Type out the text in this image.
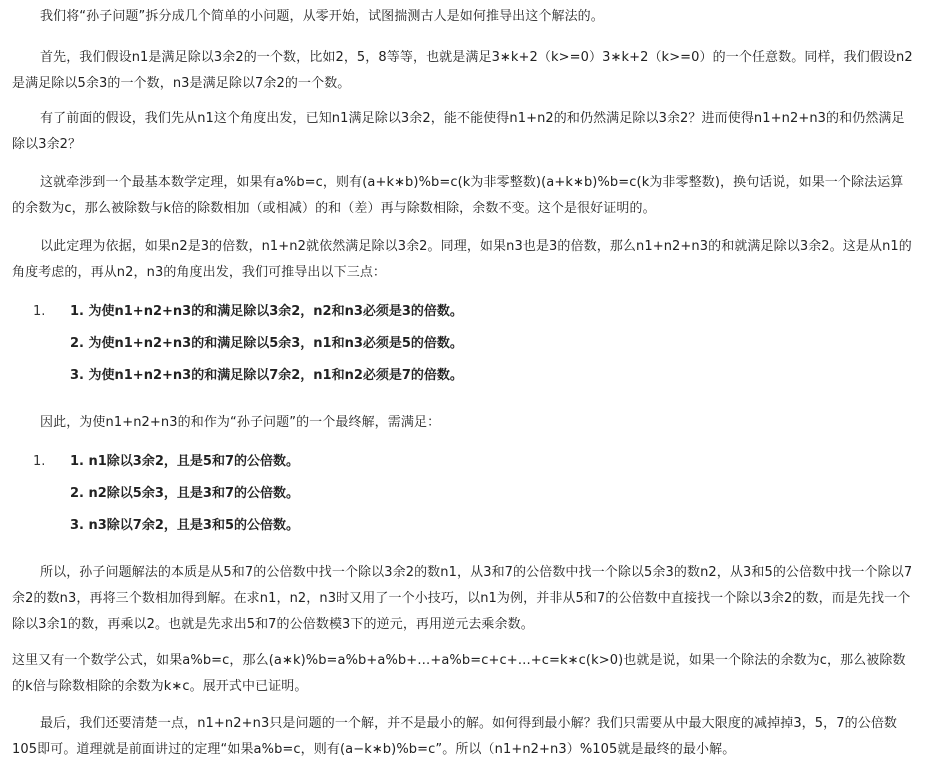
我们将“孙子问题”拆分成几个简单的小问题，从零开始，试图揣测古人是如何推导出这个解法的。

首先，我们假设n1是满足除以3余2的一个数，比如2，5，8等等，也就是满足3∗k+2（k>=0）3∗k+2（k>=0）的一个任意数。同样，我们假设n2是满足除以5余3的一个数，n3是满足除以7余2的一个数。

有了前面的假设，我们先从n1这个角度出发，已知n1满足除以3余2，能不能使得n1+n2的和仍然满足除以3余2？进而使得n1+n2+n3的和仍然满足除以3余2？

这就牵涉到一个最基本数学定理，如果有a%b=c，则有(a+k∗b)%b=c(k为非零整数)(a+k∗b)%b=c(k为非零整数)，换句话说，如果一个除法运算的余数为c，那么被除数与k倍的除数相加（或相减）的和（差）再与除数相除，余数不变。这个是很好证明的。

以此定理为依据，如果n2是3的倍数，n1+n2就依然满足除以3余2。同理，如果n3也是3的倍数，那么n1+n2+n3的和就满足除以3余2。这是从n1的角度考虑的，再从n2，n3的角度出发，我们可推导出以下三点：

1. 1. 为使n1+n2+n3的和满足除以3余2，n2和n3必须是3的倍数。
2. 为使n1+n2+n3的和满足除以5余3，n1和n3必须是5的倍数。
3. 为使n1+n2+n3的和满足除以7余2，n1和n2必须是7的倍数。

因此，为使n1+n2+n3的和作为“孙子问题”的一个最终解，需满足：

1. 1. n1除以3余2，且是5和7的公倍数。
2. n2除以5余3，且是3和7的公倍数。
3. n3除以7余2，且是3和5的公倍数。

所以，孙子问题解法的本质是从5和7的公倍数中找一个除以3余2的数n1，从3和7的公倍数中找一个除以5余3的数n2，从3和5的公倍数中找一个除以7余2的数n3，再将三个数相加得到解。在求n1，n2，n3时又用了一个小技巧，以n1为例，并非从5和7的公倍数中直接找一个除以3余2的数，而是先找一个除以3余1的数，再乘以2。也就是先求出5和7的公倍数模3下的逆元，再用逆元去乘余数。

这里又有一个数学公式，如果a%b=c，那么(a∗k)%b=a%b+a%b+…+a%b=c+c+…+c=k∗c(k>0)也就是说，如果一个除法的余数为c，那么被除数的k倍与除数相除的余数为k∗c。展开式中已证明。

最后，我们还要清楚一点，n1+n2+n3只是问题的一个解，并不是最小的解。如何得到最小解？我们只需要从中最大限度的减掉掉3，5，7的公倍数105即可。道理就是前面讲过的定理“如果a%b=c，则有(a−k∗b)%b=c”。所以（n1+n2+n3）%105就是最终的最小解。
